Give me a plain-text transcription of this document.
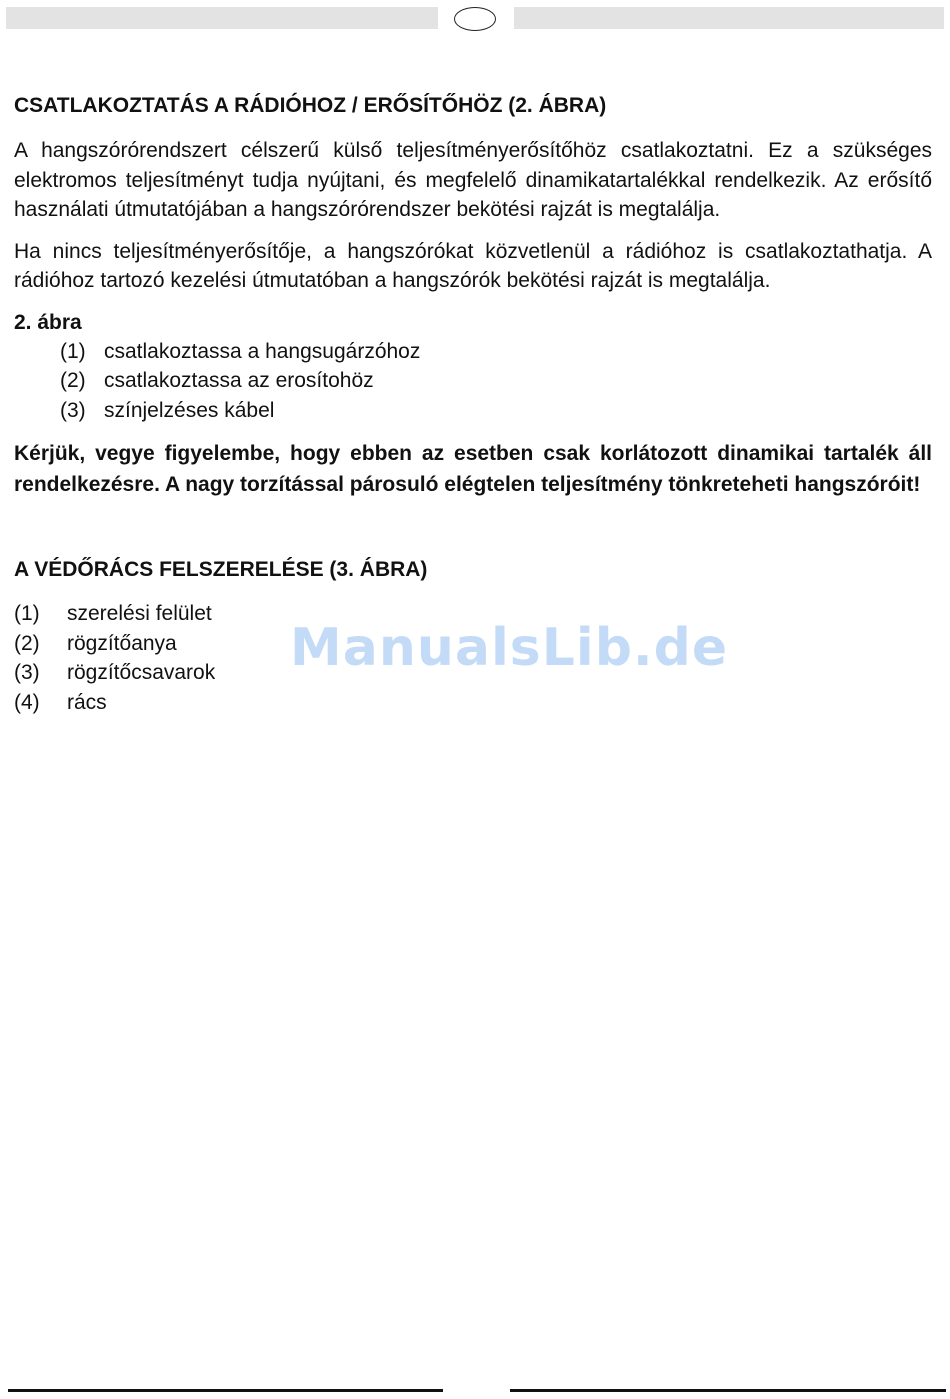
CSATLAKOZTATÁS A RÁDIÓHOZ / ERŐSÍTŐHÖZ (2. ÁBRA)

A hangszórórendszert célszerű külső teljesítményerősítőhöz csatlakoztatni. Ez a szükséges elektromos teljesítményt tudja nyújtani, és megfelelő dinamikatartalékkal rendelkezik. Az erősítő használati útmutatójában a hangszórórendszer bekötési rajzát is megtalálja.

Ha nincs teljesítményerősítője, a hangszórókat közvetlenül a rádióhoz is csatlakoztathatja. A rádióhoz tartozó kezelési útmutatóban a hangszórók bekötési rajzát is megtalálja.

2. ábra

(1) csatlakoztassa a hangsugárzóhoz
(2) csatlakoztassa az erosítohöz
(3) színjelzéses kábel

Kérjük, vegye figyelembe, hogy ebben az esetben csak korlátozott dinamikai tartalék áll rendelkezésre. A nagy torzítással párosuló elégtelen teljesítmény tönkreteheti hangszóróit!

A VÉDŐRÁCS FELSZERELÉSE (3. ÁBRA)
(1) szerelési felület
(2) rögzítőanya
(3) rögzítőcsavarok
(4) rács
ManualsLib.de
